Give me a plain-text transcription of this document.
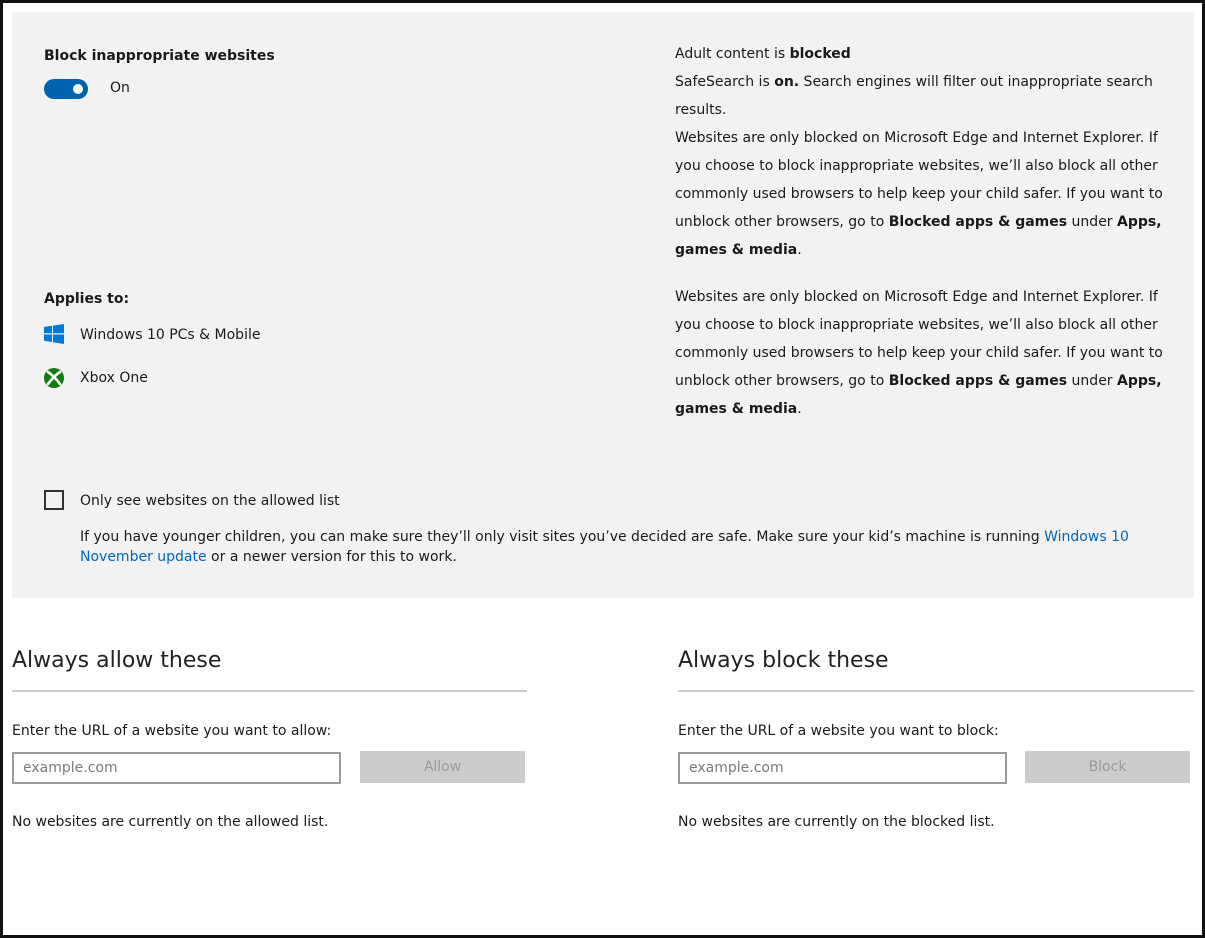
Block inappropriate websites
On
Adult content is blocked
SafeSearch is on. Search engines will filter out inappropriate search results.
Websites are only blocked on Microsoft Edge and Internet Explorer. If you choose to block inappropriate websites, we’ll also block all other commonly used browsers to help keep your child safer. If you want to unblock other browsers, go to Blocked apps & games under Apps, games & media.
Applies to:
Windows 10 PCs & Mobile
Xbox One
Websites are only blocked on Microsoft Edge and Internet Explorer. If you choose to block inappropriate websites, we’ll also block all other commonly used browsers to help keep your child safer. If you want to unblock other browsers, go to Blocked apps & games under Apps, games & media.
Only see websites on the allowed list
If you have younger children, you can make sure they’ll only visit sites you’ve decided are safe. Make sure your kid’s machine is running Windows 10 November update or a newer version for this to work.
Always allow these
Enter the URL of a website you want to allow:
example.com
Allow
No websites are currently on the allowed list.
Always block these
Enter the URL of a website you want to block:
example.com
Block
No websites are currently on the blocked list.
